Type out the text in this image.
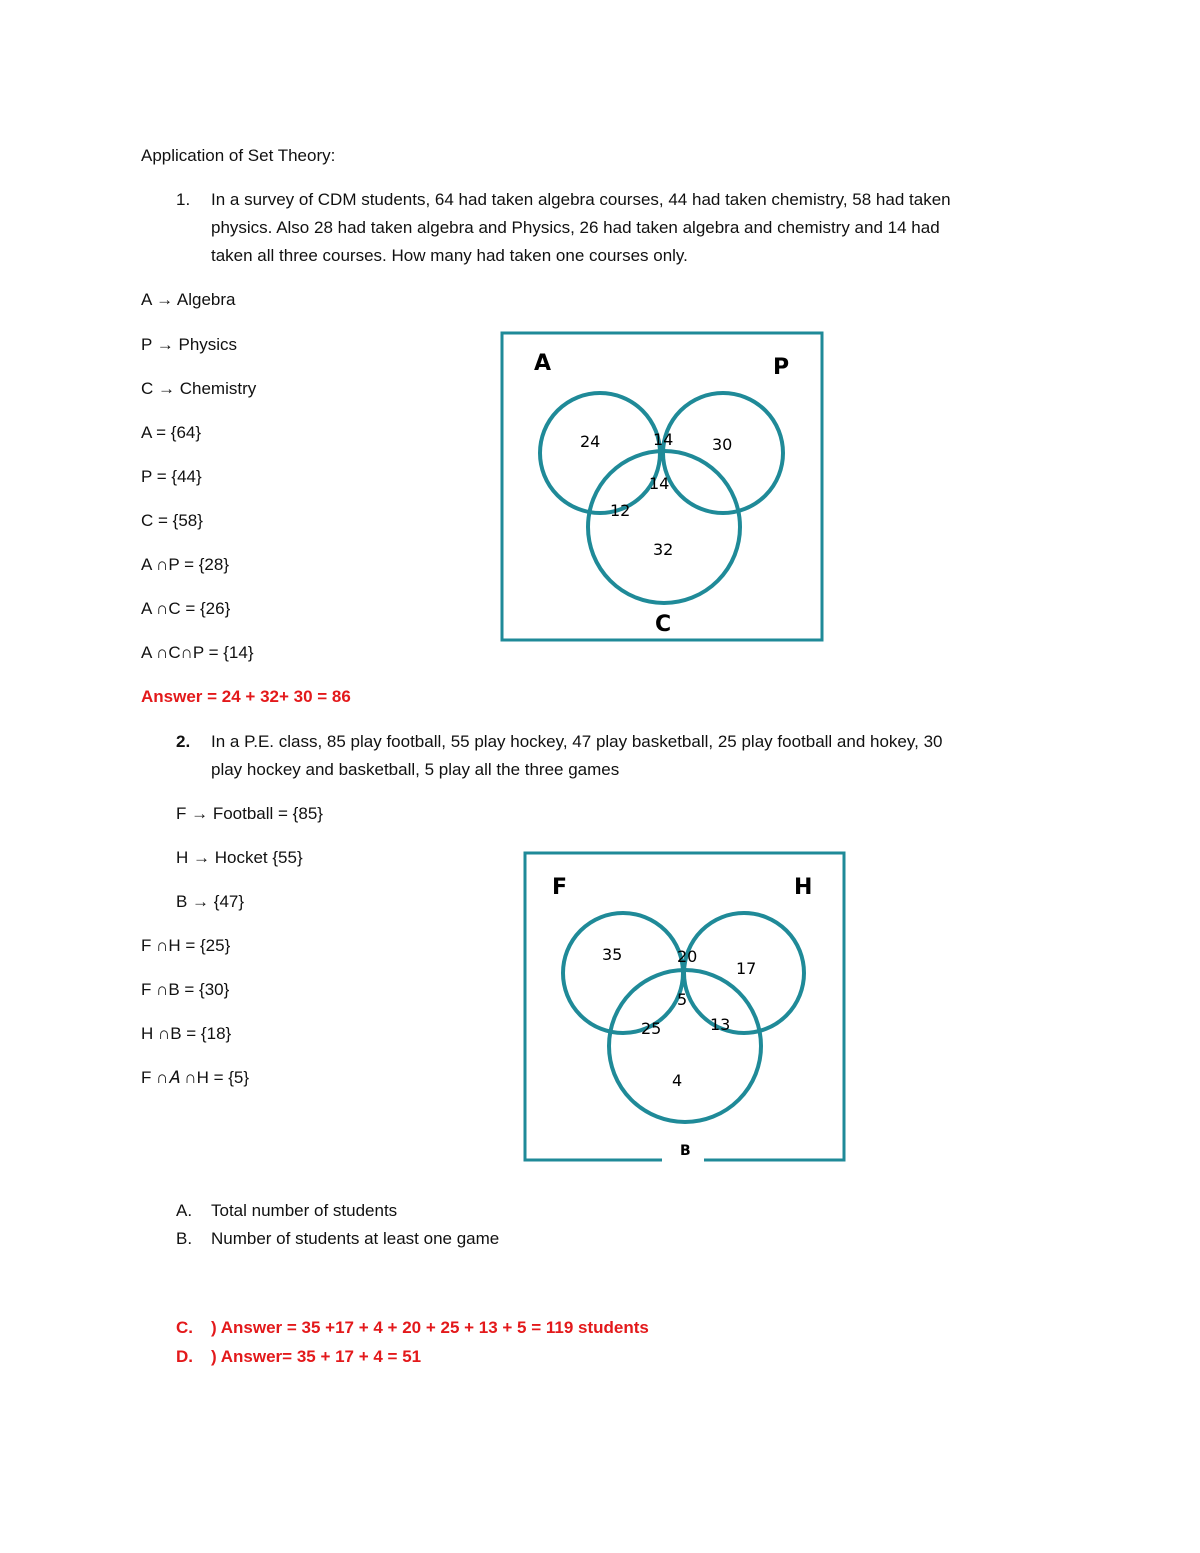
Application of Set Theory:
1. In a survey of CDM students, 64 had taken algebra courses, 44 had taken chemistry, 58 had taken
physics. Also 28 had taken algebra and Physics, 26 had taken algebra and chemistry and 14 had
taken all three courses. How many had taken one courses only.
A → Algebra
P → Physics
C → Chemistry
A = {64}
P = {44}
C = {58}
A ∩P = {28}
A ∩C = {26}
A ∩C∩P = {14}
Answer = 24 + 32+ 30 = 86
A	P
C
24	14 30
14
12
32
2. In a P.E. class, 85 play football, 55 play hockey, 47 play basketball, 25 play football and hokey, 30
play hockey and basketball, 5 play all the three games
F → Football = {85}
H → Hocket {55}
B → {47}
F ∩H = {25}
F ∩B = {30}
H ∩B = {18}
F ∩𝐴 ∩H = {5}
F	H
B
35	20
17
5
25	13
4
A. Total number of students
B. Number of students at least one game
C. ) Answer = 35 +17 + 4 + 20 + 25 + 13 + 5 = 119 students
D. ) Answer= 35 + 17 + 4 = 51
